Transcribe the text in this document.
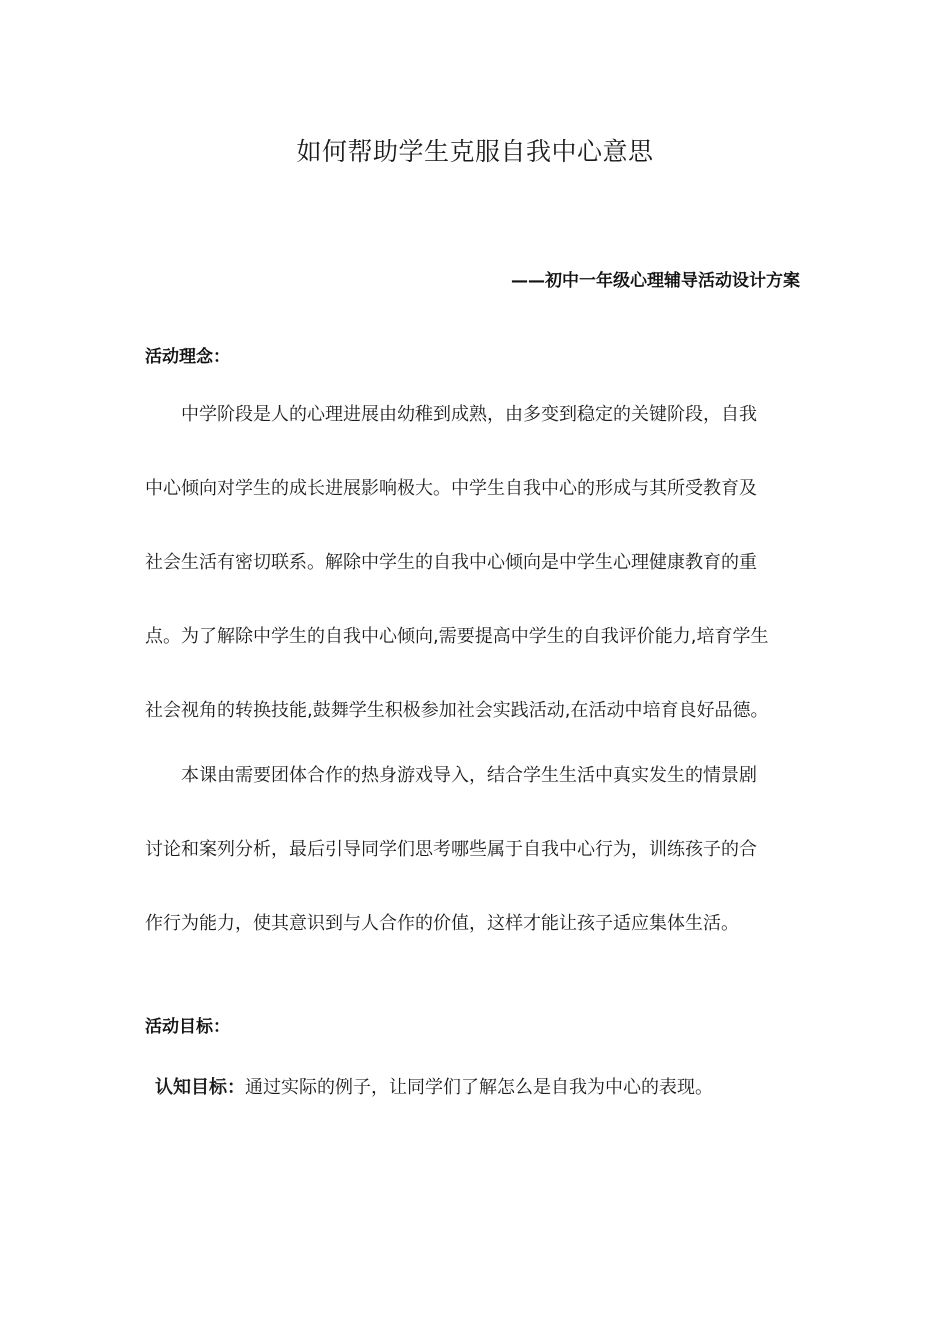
如何帮助学生克服自我中心意思
——初中一年级心理辅导活动设计方案
活动理念：
中学阶段是人的心理进展由幼稚到成熟，由多变到稳定的关键阶段，自我
中心倾向对学生的成长进展影响极大。中学生自我中心的形成与其所受教育及
社会生活有密切联系。解除中学生的自我中心倾向是中学生心理健康教育的重
点。为了解除中学生的自我中心倾向,需要提高中学生的自我评价能力,培育学生
社会视角的转换技能,鼓舞学生积极参加社会实践活动,在活动中培育良好品德。
本课由需要团体合作的热身游戏导入，结合学生生活中真实发生的情景剧
讨论和案列分析，最后引导同学们思考哪些属于自我中心行为，训练孩子的合
作行为能力，使其意识到与人合作的价值，这样才能让孩子适应集体生活。
活动目标：
认知目标：通过实际的例子，让同学们了解怎么是自我为中心的表现。
